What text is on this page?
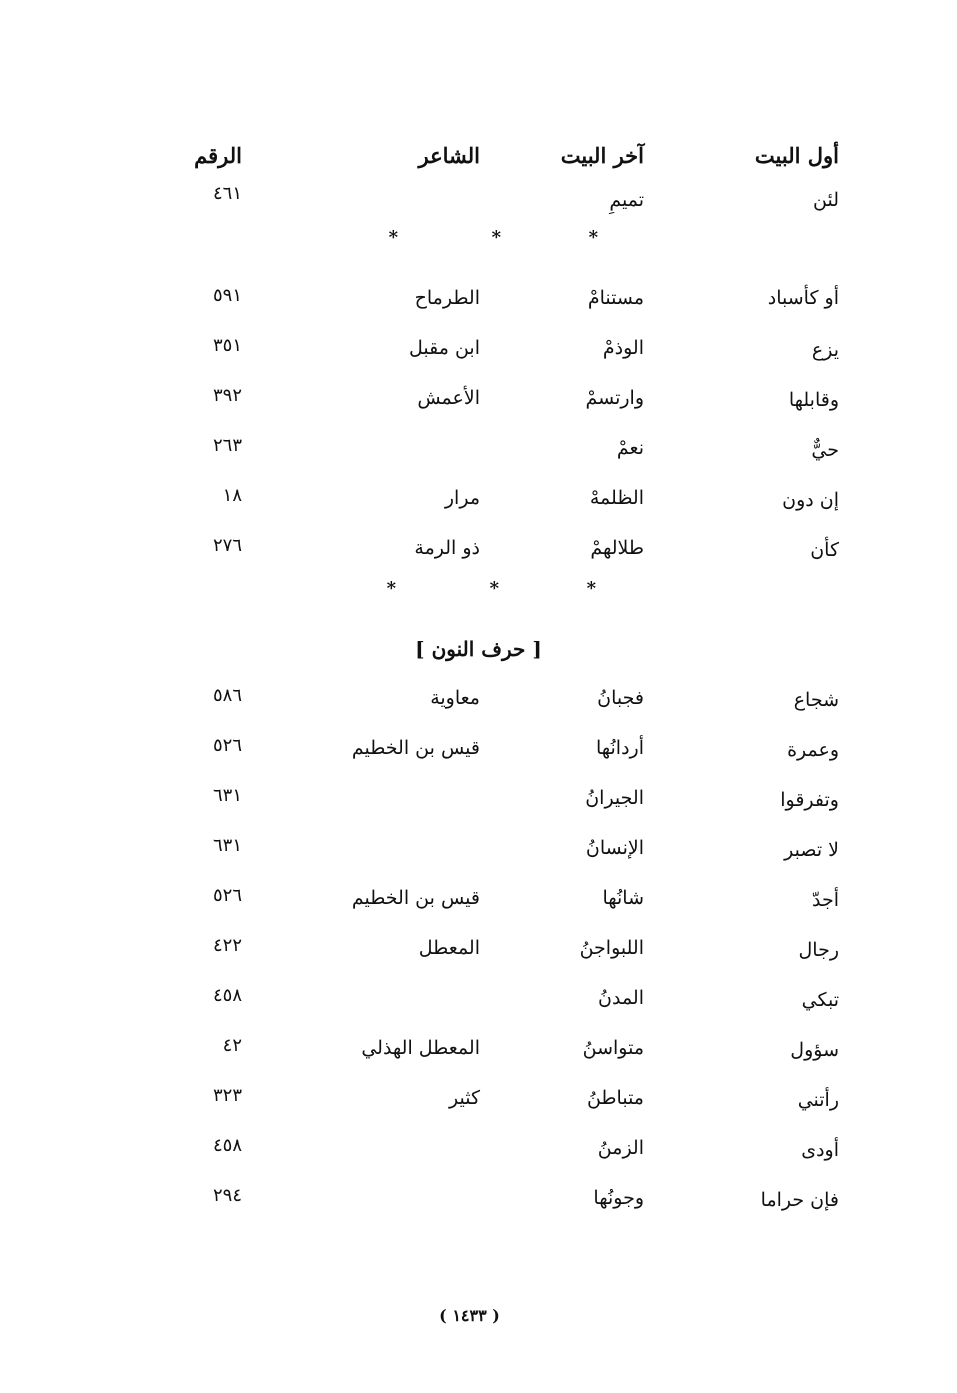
أول البيت
آخر البيت
الشاعر
الرقم
لئن
تميمِ
٤٦١
*
*
*
أو كأسباد
مستنامْ
الطرماح
٥٩١
يزع
الوذمْ
ابن مقبل
٣٥١
وقابلها
وارتسمْ
الأعمش
٣٩٢
حيٌّ
نعمْ
٢٦٣
إن دون
الظلمهْ
مرار
١٨
كأن
طلالهمْ
ذو الرمة
٢٧٦
*
*
*
[ حرف النون ]
شجاع
فجبانُ
معاوية
٥٨٦
وعمرة
أردانُها
قيس بن الخطيم
٥٢٦
وتفرقوا
الجيرانُ
٦٣١
لا تصبر
الإنسانُ
٦٣١
أجدّ
شانُها
قيس بن الخطيم
٥٢٦
رجال
اللبواجنُ
المعطل
٤٢٢
تبكي
المدنُ
٤٥٨
سؤول
متواسنُ
المعطل الهذلي
٤٢
رأتني
متباطنُ
كثير
٣٢٣
أودى
الزمنُ
٤٥٨
فإن حراما
وجونُها
٢٩٤
( ١٤٣٣ )
